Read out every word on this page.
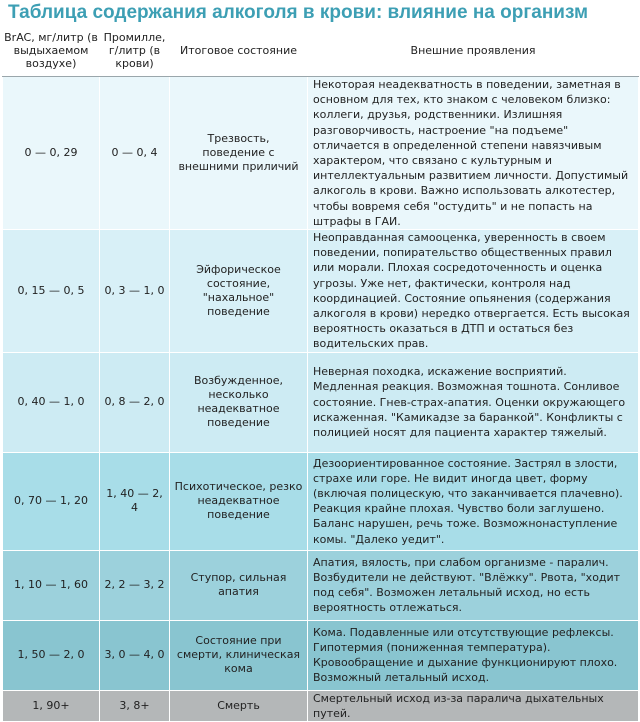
Таблица содержания алкоголя в крови: влияние на организм
BrAC, мг/литр (в выдыхаемом воздухе)	Промилле, г/литр (в крови)	Итоговое состояние	Внешние проявления
0 — 0, 29	0 — 0, 4	Трезвость, поведение с внешними приличий	Некоторая неадекватность в поведении, заметная в основном для тех, кто знаком с человеком близко: коллеги, друзья, родственники. Излишняя разговорчивость, настроение "на подъеме" отличается в определенной степени навязчивым характером, что связано с культурным и интеллектуальным развитием личности. Допустимый алкоголь в крови. Важно использовать алкотестер, чтобы вовремя себя "остудить" и не попасть на штрафы в ГАИ.
0, 15 — 0, 5	0, 3 — 1, 0	Эйфорическое состояние, "нахальное" поведение	Неоправданная самооценка, уверенность в своем поведении, попирательство общественных правил или морали. Плохая сосредоточенность и оценка угрозы. Уже нет, фактически, контроля над координацией. Состояние опьянения (содержания алкоголя в крови) нередко отвергается. Есть высокая вероятность оказаться в ДТП и остаться без водительских прав.
0, 40 — 1, 0	0, 8 — 2, 0	Возбужденное, несколько неадекватное поведение	Неверная походка, искажение восприятий. Медленная реакция. Возможная тошнота. Сонливое состояние. Гнев-страх-апатия. Оценки окружающего искаженная. "Камикадзе за баранкой". Конфликты с полицией носят для пациента характер тяжелый.
0, 70 — 1, 20	1, 40 — 2, 4	Психотическое, резко неадекватное поведение	Дезоориентированное состояние. Застрял в злости, страхе или горе. Не видит иногда цвет, форму (включая полицескую, что заканчивается плачевно). Реакция крайне плохая. Чувство боли заглушено. Баланс нарушен, речь тоже. Возможнонаступление комы. "Далеко уедит".
1, 10 — 1, 60	2, 2 — 3, 2	Ступор, сильная апатия	Апатия, вялость, при слабом организме - паралич. Возбудители не действуют. "Влёжку". Рвота, "ходит под себя". Возможен летальный исход, но есть вероятность отлежаться.
1, 50 — 2, 0	3, 0 — 4, 0	Состояние при смерти, клиническая кома	Кома. Подавленные или отсутствующие рефлексы. Гипотермия (пониженная температура). Кровообращение и дыхание функционируют плохо. Возможный летальный исход.
1, 90+	3, 8+	Смерть	Смертельный исход из-за паралича дыхательных путей.
